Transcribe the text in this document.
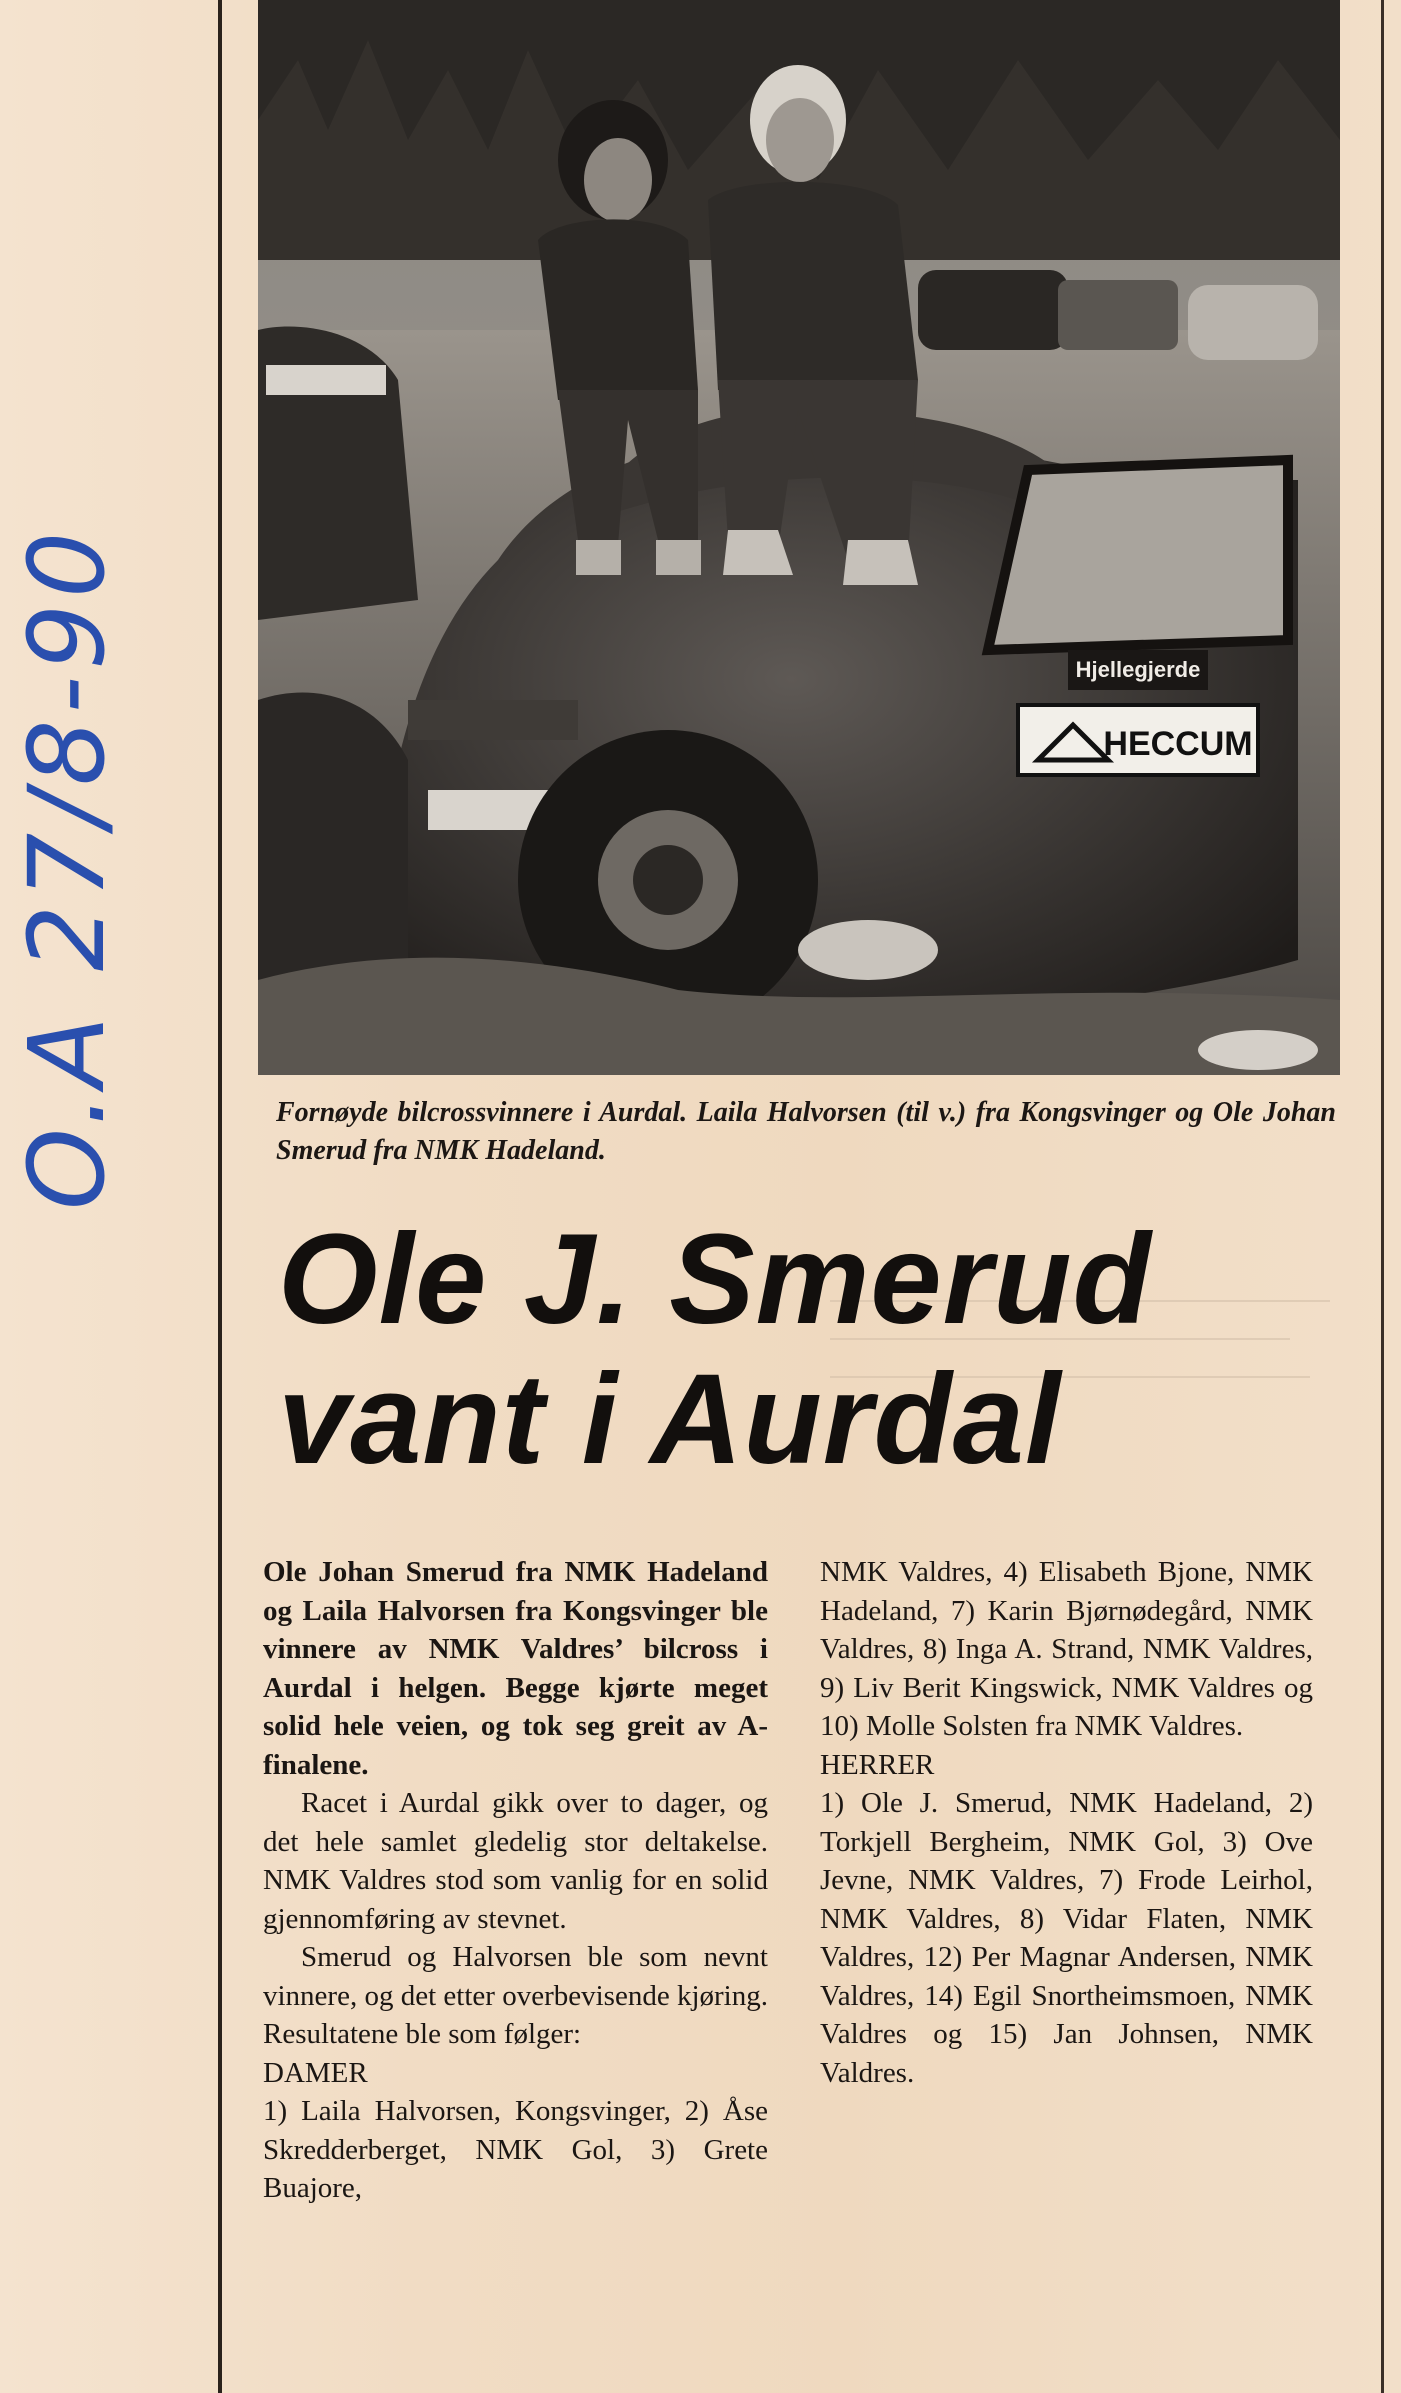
O.A 27/8-90	Hjellegjerde
HECCUM
Fornøyde bilcrossvinnere i Aurdal. Laila Halvorsen (til v.) fra Kongsvinger og Ole Johan Smerud fra NMK Hadeland.
Ole J. Smerud
vant i Aurdal

Ole Johan Smerud fra NMK Hadeland og Laila Halvorsen fra Kongsvinger ble vinnere av NMK Valdres’ bilcross i Aurdal i helgen. Begge kjørte meget solid hele veien, og tok seg greit av A-finalene.

Racet i Aurdal gikk over to dager, og det hele samlet gledelig stor deltakelse. NMK Valdres stod som vanlig for en solid gjennomføring av stevnet.

Smerud og Halvorsen ble som nevnt vinnere, og det etter overbevisende kjøring. Resultatene ble som følger:

DAMER

1) Laila Halvorsen, Kongsvinger, 2) Åse Skredderberget, NMK Gol, 3) Grete Buajore,

NMK Valdres, 4) Elisabeth Bjone, NMK Hadeland, 7) Karin Bjørnødegård, NMK Valdres, 8) Inga A. Strand, NMK Valdres, 9) Liv Berit Kingswick, NMK Valdres og 10) Molle Solsten fra NMK Valdres.

HERRER

1) Ole J. Smerud, NMK Hadeland, 2) Torkjell Bergheim, NMK Gol, 3) Ove Jevne, NMK Valdres, 7) Frode Leirhol, NMK Valdres, 8) Vidar Flaten, NMK Valdres, 12) Per Magnar Andersen, NMK Valdres, 14) Egil Snortheimsmoen, NMK Valdres og 15) Jan Johnsen, NMK Valdres.
